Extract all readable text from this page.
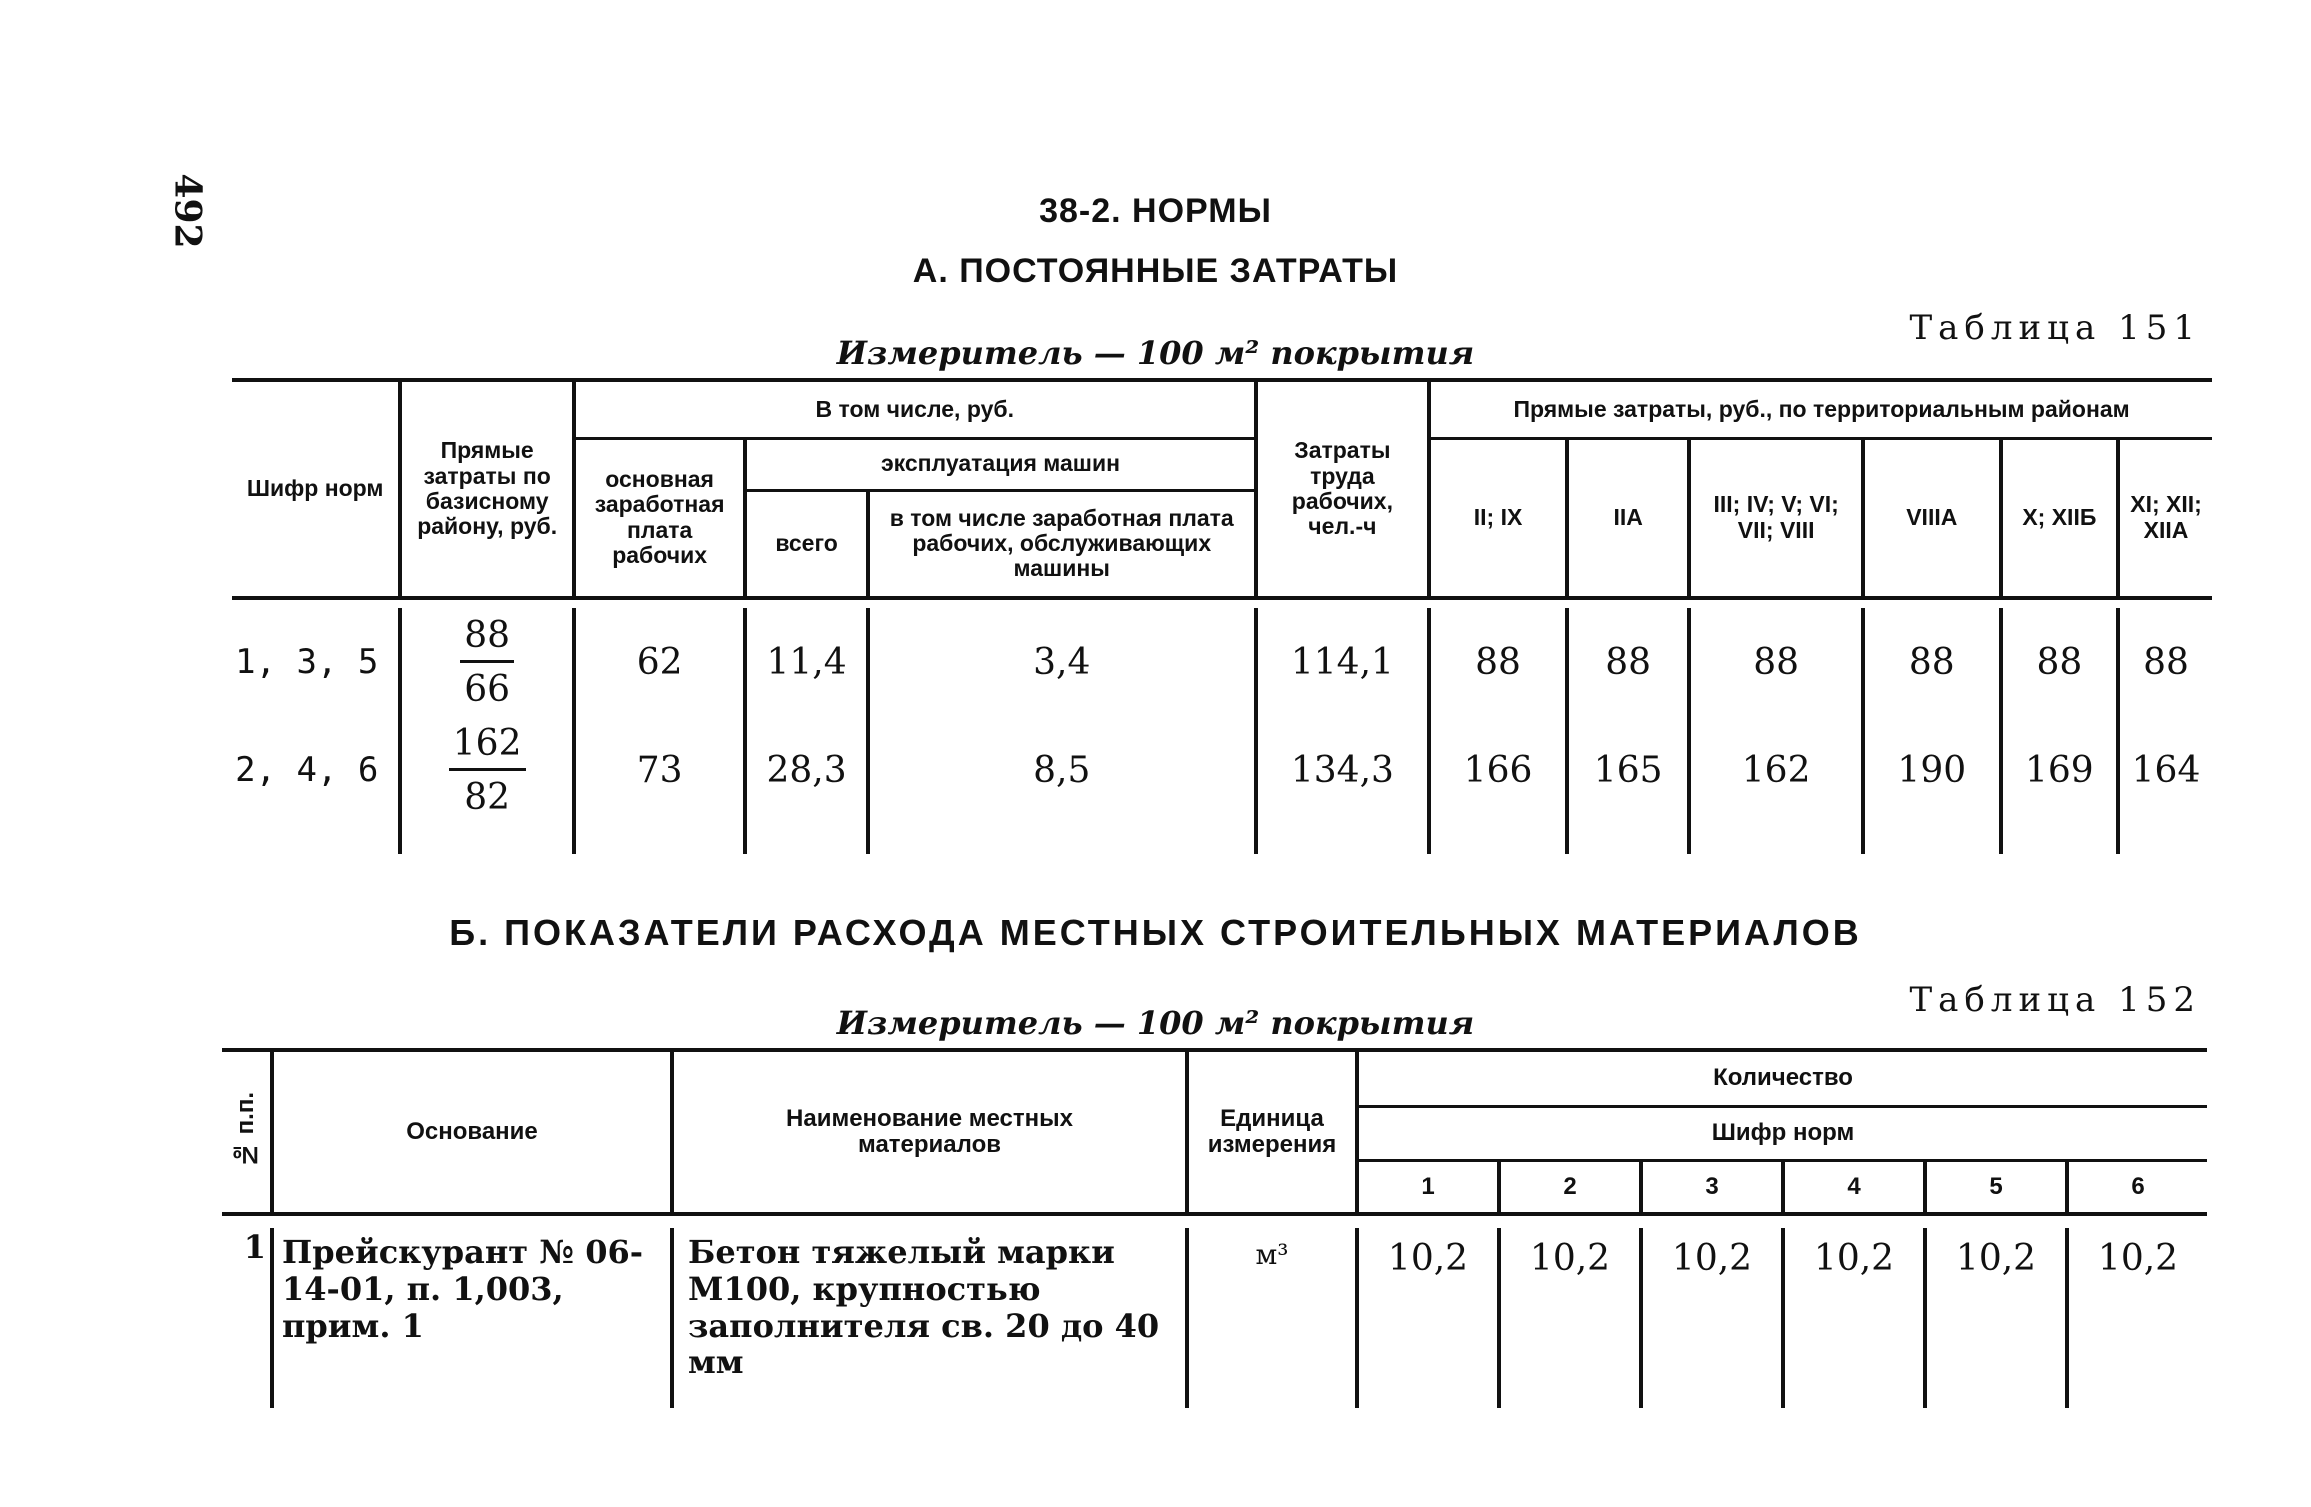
492	38-2. НОРМЫ
А. ПОСТОЯННЫЕ ЗАТРАТЫ
Таблица 151
Измеритель — 100 м² покрытия
Шифр норм	Прямые затраты по базисному району, руб.	В том числе, руб.			Затраты труда рабочих, чел.-ч	Прямые затраты, руб., по территориальным районам					
		основная заработная плата рабочих	эксплуатация машин			II; IX	IIА	III; IV; V; VI; VII; VIII	VIIIА	X; XIIБ	XI; XII; XIIА
			всего	в том числе заработная плата рабочих, обслуживающих машины							

1, 3, 5	$\frac{88}{66}$	62	11,4	3,4	114,1	88	88	88	88	88	88
2, 4, 6	$\frac{162}{82}$	73	28,3	8,5	134,3	166	165	162	190	169	164

Б. ПОКАЗАТЕЛИ РАСХОДА МЕСТНЫХ СТРОИТЕЛЬНЫХ МАТЕРИАЛОВ
Таблица 152
Измеритель — 100 м² покрытия
№ п.п.	Основание	Наименование местных материалов	Единица измерения	Количество					
				Шифр норм					
				1	2	3	4	5	6

1	Прейскурант № 06-14-01, п. 1,003, прим. 1	Бетон тяжелый марки М100, крупностью заполнителя св. 20 до 40 мм	м³	10,2	10,2	10,2	10,2	10,2	10,2
